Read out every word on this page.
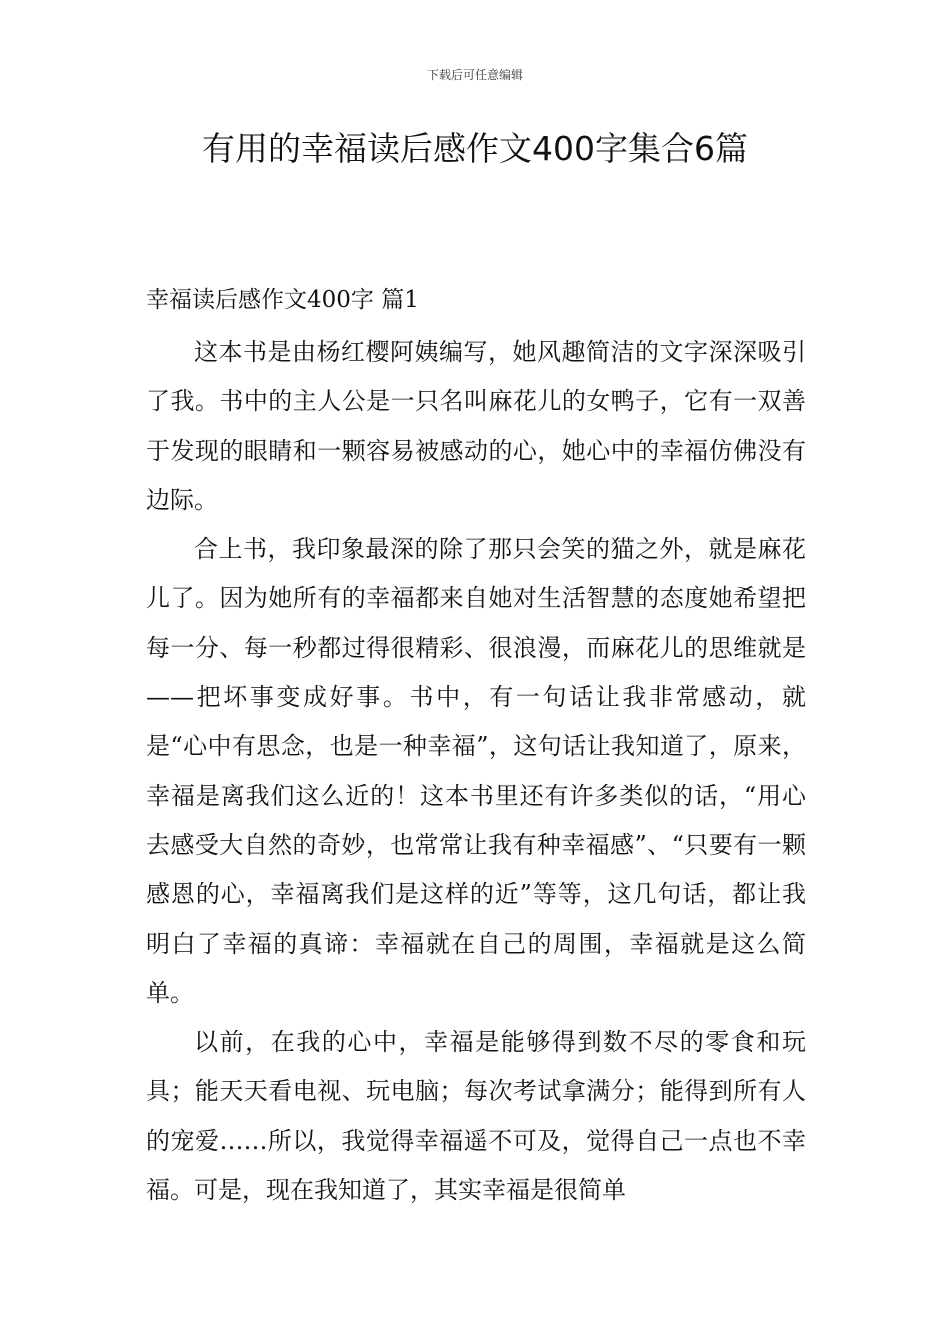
下载后可任意编辑
有用的幸福读后感作文400字集合6篇
幸福读后感作文400字 篇1

这本书是由杨红樱阿姨编写，她风趣简洁的文字深深吸引了我。书中的主人公是一只名叫麻花儿的女鸭子，它有一双善于发现的眼睛和一颗容易被感动的心，她心中的幸福仿佛没有边际。

合上书，我印象最深的除了那只会笑的猫之外，就是麻花儿了。因为她所有的幸福都来自她对生活智慧的态度她希望把每一分、每一秒都过得很精彩、很浪漫，而麻花儿的思维就是——把坏事变成好事。书中，有一句话让我非常感动，就是“心中有思念，也是一种幸福”，这句话让我知道了，原来，幸福是离我们这么近的！这本书里还有许多类似的话，“用心去感受大自然的奇妙，也常常让我有种幸福感”、“只要有一颗感恩的心，幸福离我们是这样的近”等等，这几句话，都让我明白了幸福的真谛：幸福就在自己的周围，幸福就是这么简单。

以前，在我的心中，幸福是能够得到数不尽的零食和玩具；能天天看电视、玩电脑；每次考试拿满分；能得到所有人的宠爱……所以，我觉得幸福遥不可及，觉得自己一点也不幸福。可是，现在我知道了，其实幸福是很简单
